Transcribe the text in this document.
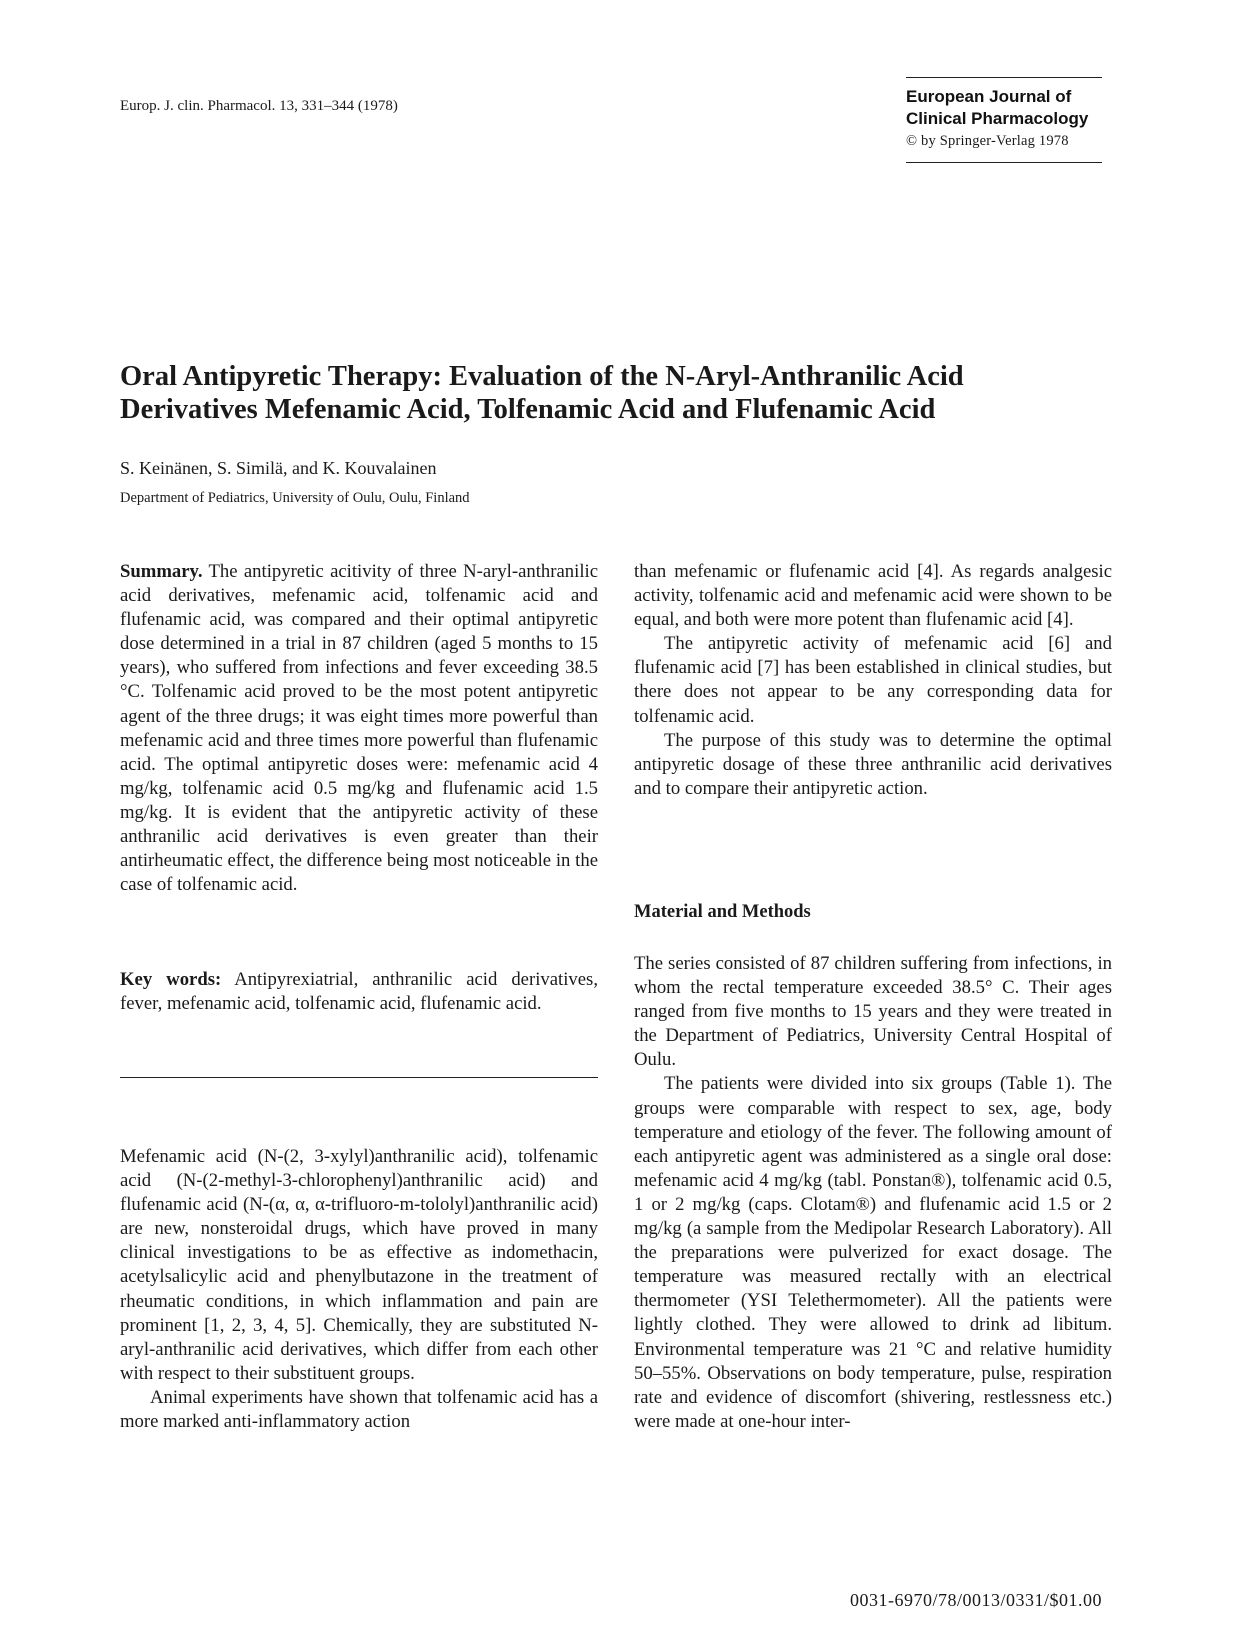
Europ. J. clin. Pharmacol. 13, 331–344 (1978)	European Journal of
Clinical Pharmacology
© by Springer-Verlag 1978
Oral Antipyretic Therapy: Evaluation of the N-Aryl-Anthranilic Acid
Derivatives Mefenamic Acid, Tolfenamic Acid and Flufenamic Acid
S. Keinänen, S. Similä, and K. Kouvalainen
Department of Pediatrics, University of Oulu, Oulu, Finland

Summary. The antipyretic acitivity of three N-aryl-anthranilic acid derivatives, mefenamic acid, tolfenamic acid and flufenamic acid, was compared and their optimal antipyretic dose determined in a trial in 87 children (aged 5 months to 15 years), who suffered from infections and fever exceeding 38.5 °C. Tolfenamic acid proved to be the most potent antipyretic agent of the three drugs; it was eight times more powerful than mefenamic acid and three times more powerful than flufenamic acid. The optimal antipyretic doses were: mefenamic acid 4 mg/kg, tolfenamic acid 0.5 mg/kg and flufenamic acid 1.5 mg/kg. It is evident that the antipyretic activity of these anthranilic acid derivatives is even greater than their antirheumatic effect, the difference being most noticeable in the case of tolfenamic acid.

Key words: Antipyrexiatrial, anthranilic acid derivatives, fever, mefenamic acid, tolfenamic acid, flufenamic acid.

Mefenamic acid (N-(2, 3-xylyl)anthranilic acid), tolfenamic acid (N-(2-methyl-3-chlorophenyl)anthranilic acid) and flufenamic acid (N-(α, α, α-trifluoro-m-tololyl)anthranilic acid) are new, nonsteroidal drugs, which have proved in many clinical investigations to be as effective as indomethacin, acetylsalicylic acid and phenylbutazone in the treatment of rheumatic conditions, in which inflammation and pain are prominent [1, 2, 3, 4, 5]. Chemically, they are substituted N-aryl-anthranilic acid derivatives, which differ from each other with respect to their substituent groups.

Animal experiments have shown that tolfenamic acid has a more marked anti-inflammatory action

than mefenamic or flufenamic acid [4]. As regards analgesic activity, tolfenamic acid and mefenamic acid were shown to be equal, and both were more potent than flufenamic acid [4].

The antipyretic activity of mefenamic acid [6] and flufenamic acid [7] has been established in clinical studies, but there does not appear to be any corresponding data for tolfenamic acid.

The purpose of this study was to determine the optimal antipyretic dosage of these three anthranilic acid derivatives and to compare their antipyretic action.

Material and Methods

The series consisted of 87 children suffering from infections, in whom the rectal temperature exceeded 38.5° C. Their ages ranged from five months to 15 years and they were treated in the Department of Pediatrics, University Central Hospital of Oulu.

The patients were divided into six groups (Table 1). The groups were comparable with respect to sex, age, body temperature and etiology of the fever. The following amount of each antipyretic agent was administered as a single oral dose: mefenamic acid 4 mg/kg (tabl. Ponstan®), tolfenamic acid 0.5, 1 or 2 mg/kg (caps. Clotam®) and flufenamic acid 1.5 or 2 mg/kg (a sample from the Medipolar Research Laboratory). All the preparations were pulverized for exact dosage. The temperature was measured rectally with an electrical thermometer (YSI Telethermometer). All the patients were lightly clothed. They were allowed to drink ad libitum. Environmental temperature was 21 °C and relative humidity 50–55%. Observations on body temperature, pulse, respiration rate and evidence of discomfort (shivering, restlessness etc.) were made at one-hour inter-

0031-6970/78/0013/0331/$01.00
